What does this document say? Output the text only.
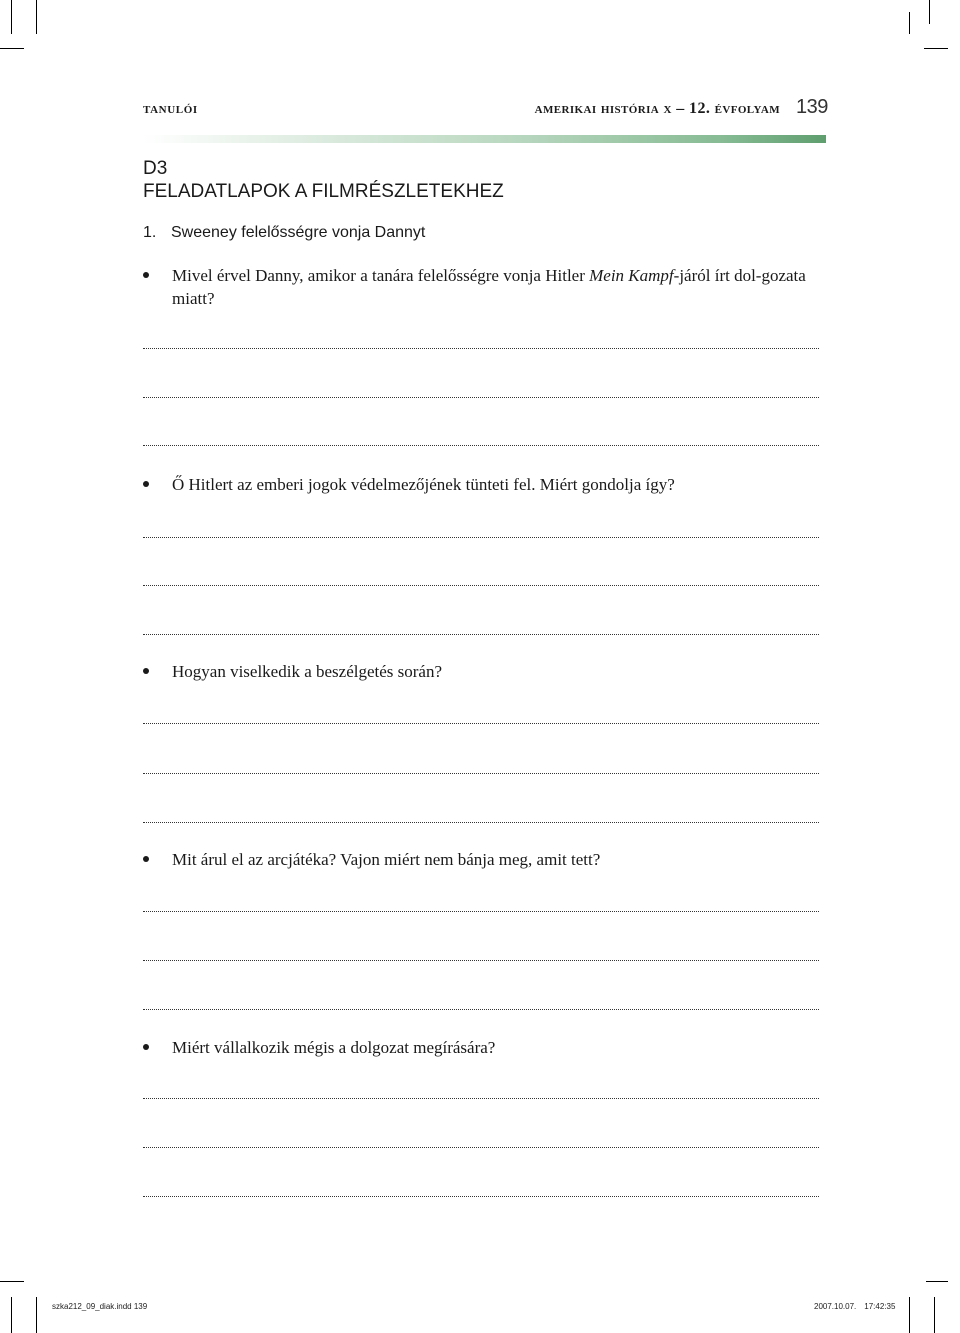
tanulói	amerikai história x – 12. évfolyam 139
D3
FELADATLAPOK A FILMRÉSZLETEKHEZ
1. Sweeney felelősségre vonja Dannyt
Mivel érvel Danny, amikor a tanára felelősségre vonja Hitler Mein Kampf-járól írt dol-gozata miatt?
Ő Hitlert az emberi jogok védelmezőjének tünteti fel. Miért gondolja így?
Hogyan viselkedik a beszélgetés során?
Mit árul el az arcjátéka? Vajon miért nem bánja meg, amit tett?
Miért vállalkozik mégis a dolgozat megírására?
szka212_09_diak.indd 139	2007.10.07. 17:42:35
